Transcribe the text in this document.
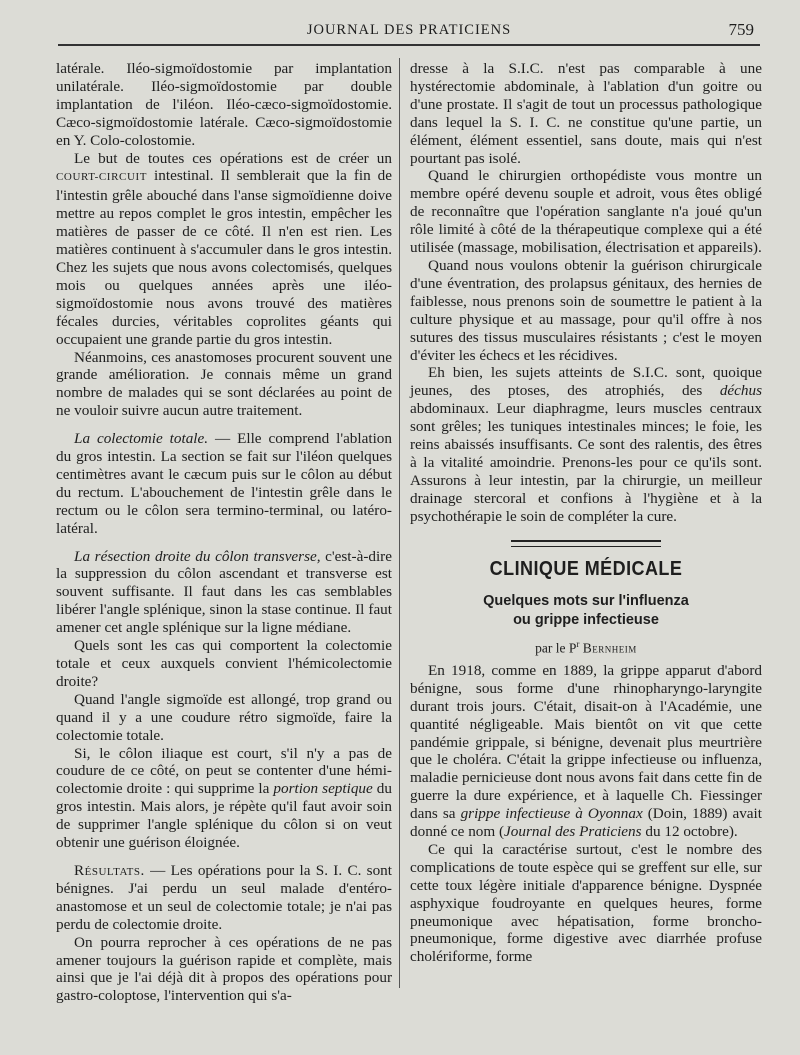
JOURNAL DES PRATICIENS	759

latérale. Iléo-sigmoïdostomie par implantation unilatérale. Iléo-sigmoïdostomie par double implantation de l'iléon. Iléo-cæco-sigmoïdostomie. Cæco-sigmoïdostomie latérale. Cæco-sigmoïdostomie en Y. Colo-colostomie.

Le but de toutes ces opérations est de créer un COURT-CIRCUIT intestinal. Il semblerait que la fin de l'intestin grêle abouché dans l'anse sigmoïdienne doive mettre au repos complet le gros intestin, empêcher les matières de passer de ce côté. Il n'en est rien. Les matières continuent à s'accumuler dans le gros intestin. Chez les sujets que nous avons colectomisés, quelques mois ou quelques années après une iléo-sigmoïdostomie nous avons trouvé des matières fécales durcies, véritables coprolites géants qui occupaient une grande partie du gros intestin.

Néanmoins, ces anastomoses procurent souvent une grande amélioration. Je connais même un grand nombre de malades qui se sont déclarées au point de ne vouloir suivre aucun autre traitement.

La colectomie totale. — Elle comprend l'ablation du gros intestin. La section se fait sur l'iléon quelques centimètres avant le cæcum puis sur le côlon au début du rectum. L'abouchement de l'intestin grêle dans le rectum ou le côlon sera termino-terminal, ou latéro-latéral.

La résection droite du côlon transverse, c'est-à-dire la suppression du côlon ascendant et transverse est souvent suffisante. Il faut dans les cas semblables libérer l'angle splénique, sinon la stase continue. Il faut amener cet angle splénique sur la ligne médiane.

Quels sont les cas qui comportent la colectomie totale et ceux auxquels convient l'hémicolectomie droite?

Quand l'angle sigmoïde est allongé, trop grand ou quand il y a une coudure rétro sigmoïde, faire la colectomie totale.

Si, le côlon iliaque est court, s'il n'y a pas de coudure de ce côté, on peut se contenter d'une hémi-colectomie droite : qui supprime la portion septique du gros intestin. Mais alors, je répète qu'il faut avoir soin de supprimer l'angle splénique du côlon si on veut obtenir une guérison éloignée.

Résultats. — Les opérations pour la S. I. C. sont bénignes. J'ai perdu un seul malade d'entéro-anastomose et un seul de colectomie totale; je n'ai pas perdu de colectomie droite.

On pourra reprocher à ces opérations de ne pas amener toujours la guérison rapide et complète, mais ainsi que je l'ai déjà dit à propos des opérations pour gastro-coloptose, l'intervention qui s'a-

dresse à la S.I.C. n'est pas comparable à une hystérectomie abdominale, à l'ablation d'un goitre ou d'une prostate. Il s'agit de tout un processus pathologique dans lequel la S. I. C. ne constitue qu'une partie, un élément, élément essentiel, sans doute, mais qui n'est pourtant pas isolé.

Quand le chirurgien orthopédiste vous montre un membre opéré devenu souple et adroit, vous êtes obligé de reconnaître que l'opération sanglante n'a joué qu'un rôle limité à côté de la thérapeutique complexe qui a été utilisée (massage, mobilisation, électrisation et appareils).

Quand nous voulons obtenir la guérison chirurgicale d'une éventration, des prolapsus génitaux, des hernies de faiblesse, nous prenons soin de soumettre le patient à la culture physique et au massage, pour qu'il offre à nos sutures des tissus musculaires résistants ; c'est le moyen d'éviter les échecs et les récidives.

Eh bien, les sujets atteints de S.I.C. sont, quoique jeunes, des ptoses, des atrophiés, des déchus abdominaux. Leur diaphragme, leurs muscles centraux sont grêles; les tuniques intestinales minces; le foie, les reins abaissés insuffisants. Ce sont des ralentis, des êtres à la vitalité amoindrie. Prenons-les pour ce qu'ils sont. Assurons à leur intestin, par la chirurgie, un meilleur drainage stercoral et confions à l'hygiène et à la psychothérapie le soin de compléter la cure.

CLINIQUE MÉDICALE
Quelques mots sur l'influenza
ou grippe infectieuse
par le $P^r$ Bernheim

En 1918, comme en 1889, la grippe apparut d'abord bénigne, sous forme d'une rhinopharyngo-laryngite durant trois jours. C'était, disait-on à l'Académie, une quantité négligeable. Mais bientôt on vit que cette pandémie grippale, si bénigne, devenait plus meurtrière que le choléra. C'était la grippe infectieuse ou influenza, maladie pernicieuse dont nous avons fait dans cette fin de guerre la dure expérience, et à laquelle Ch. Fiessinger dans sa grippe infectieuse à Oyonnax (Doin, 1889) avait donné ce nom (Journal des Praticiens du 12 octobre).

Ce qui la caractérise surtout, c'est le nombre des complications de toute espèce qui se greffent sur elle, sur cette toux légère initiale d'apparence bénigne. Dyspnée asphyxique foudroyante en quelques heures, forme pneumonique avec hépatisation, forme broncho-pneumonique, forme digestive avec diarrhée profuse cholériforme, forme
